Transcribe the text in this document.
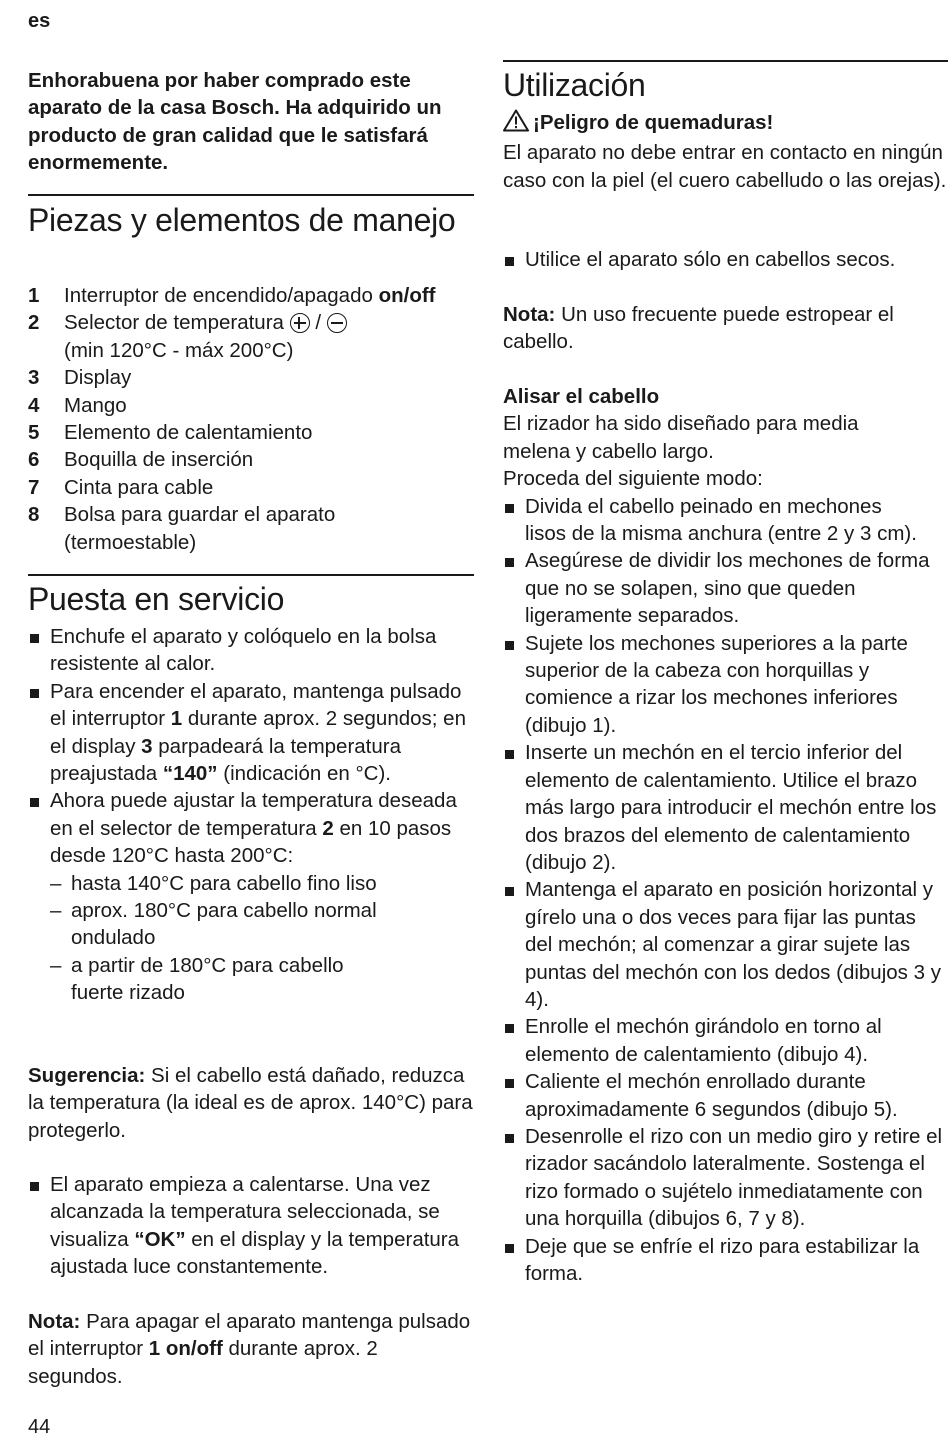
es

Enhorabuena por haber comprado este aparato de la casa Bosch. Ha adquirido un producto de gran calidad que le satisfará enormemente.

Piezas y elementos de manejo
1 Interruptor de encendido/apagado on/off
2 Selector de temperatura  /
(min 120°C - máx 200°C)
3 Display
4 Mango
5 Elemento de calentamiento
6 Boquilla de inserción
7 Cinta para cable
8 Bolsa para guardar el aparato (termoestable)
Puesta en servicio
Enchufe el aparato y colóquelo en la bolsa resistente al calor.
Para encender el aparato, mantenga pulsado el interruptor 1 durante aprox. 2 segundos; en el display 3 parpadeará la temperatura preajustada “140” (indicación en °C).
Ahora puede ajustar la temperatura deseada en el selector de temperatura 2 en 10 pasos desde 120°C hasta 200°C:
– hasta 140°C para cabello fino liso
– aprox. 180°C para cabello normal ondulado
– a partir de 180°C para cabello fuerte rizado

Sugerencia: Si el cabello está dañado, reduzca la temperatura (la ideal es de aprox. 140°C) para protegerlo.

El aparato empieza a calentarse. Una vez alcanzada la temperatura seleccionada, se visualiza “OK” en el display y la temperatura ajustada luce constantemente.

Nota: Para apagar el aparato mantenga pulsado el interruptor 1 on/off durante aprox. 2 segundos.

Utilización

¡Peligro de quemaduras!

El aparato no debe entrar en contacto en ningún caso con la piel (el cuero cabelludo o las orejas).

Utilice el aparato sólo en cabellos secos.

Nota: Un uso frecuente puede estropear el cabello.

Alisar el cabello

El rizador ha sido diseñado para media melena y cabello largo.

Proceda del siguiente modo:

Divida el cabello peinado en mechones lisos de la misma anchura (entre 2 y 3 cm).
Asegúrese de dividir los mechones de forma que no se solapen, sino que queden ligeramente separados.
Sujete los mechones superiores a la parte superior de la cabeza con horquillas y comience a rizar los mechones inferiores (dibujo 1).
Inserte un mechón en el tercio inferior del elemento de calentamiento. Utilice el brazo más largo para introducir el mechón entre los dos brazos del elemento de calentamiento (dibujo 2).
Mantenga el aparato en posición horizontal y gírelo una o dos veces para fijar las puntas del mechón; al comenzar a girar sujete las puntas del mechón con los dedos (dibujos 3 y 4).
Enrolle el mechón girándolo en torno al elemento de calentamiento (dibujo 4).
Caliente el mechón enrollado durante aproximadamente 6 segundos (dibujo 5).
Desenrolle el rizo con un medio giro y retire el rizador sacándolo lateralmente. Sostenga el rizo formado o sujételo inmediatamente con una horquilla (dibujos 6, 7 y 8).
Deje que se enfríe el rizo para estabilizar la forma.
44
